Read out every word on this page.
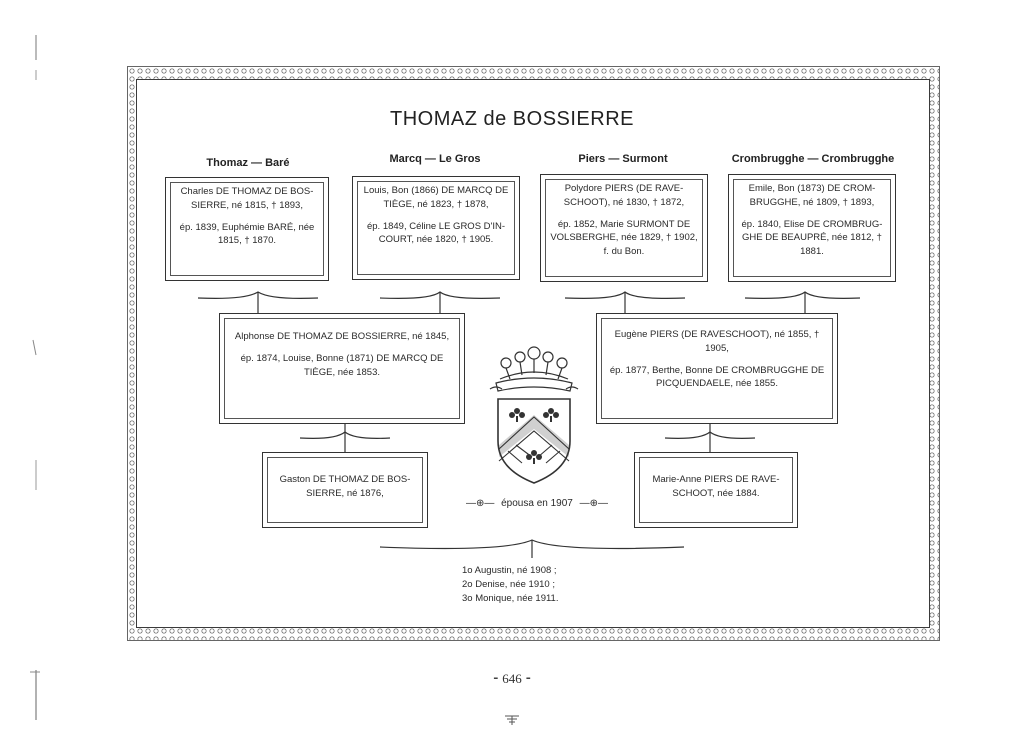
THOMAZ de BOSSIERRE
Thomaz — Baré	Marcq — Le Gros	Piers — Surmont	Crombrugghe — Crombrugghe

Charles DE THOMAZ DE BOS- SIERRE, né 1815, † 1893,

ép. 1839, Euphémie BARÉ, née 1815, † 1870.

Louis, Bon (1866) DE MARCQ DE TIÈGE, né 1823, † 1878,

ép. 1849, Céline LE GROS D'IN- COURT, née 1820, † 1905.

Polydore PIERS (DE RAVE- SCHOOT), né 1830, † 1872,

ép. 1852, Marie SURMONT DE VOLSBERGHE, née 1829, † 1902, f. du Bon.

Emile, Bon (1873) DE CROM- BRUGGHE, né 1809, † 1893,

ép. 1840, Elise DE CROMBRUG- GHE DE BEAUPRÉ, née 1812, † 1881.

Alphonse DE THOMAZ DE BOSSIERRE, né 1845,

ép. 1874, Louise, Bonne (1871) DE MARCQ DE TIÈGE, née 1853.

Eugène PIERS (DE RAVESCHOOT), né 1855, † 1905,

ép. 1877, Berthe, Bonne DE CROMBRUGGHE DE PICQUENDAELE, née 1855.

Gaston DE THOMAZ DE BOS- SIERRE, né 1876,

Marie-Anne PIERS DE RAVE- SCHOOT, née 1884.

—⊕— épousa en 1907 —⊕—
1o Augustin, né 1908 ;
2o Denise, née 1910 ;
3o Monique, née 1911.
⁃ 646 ⁃
